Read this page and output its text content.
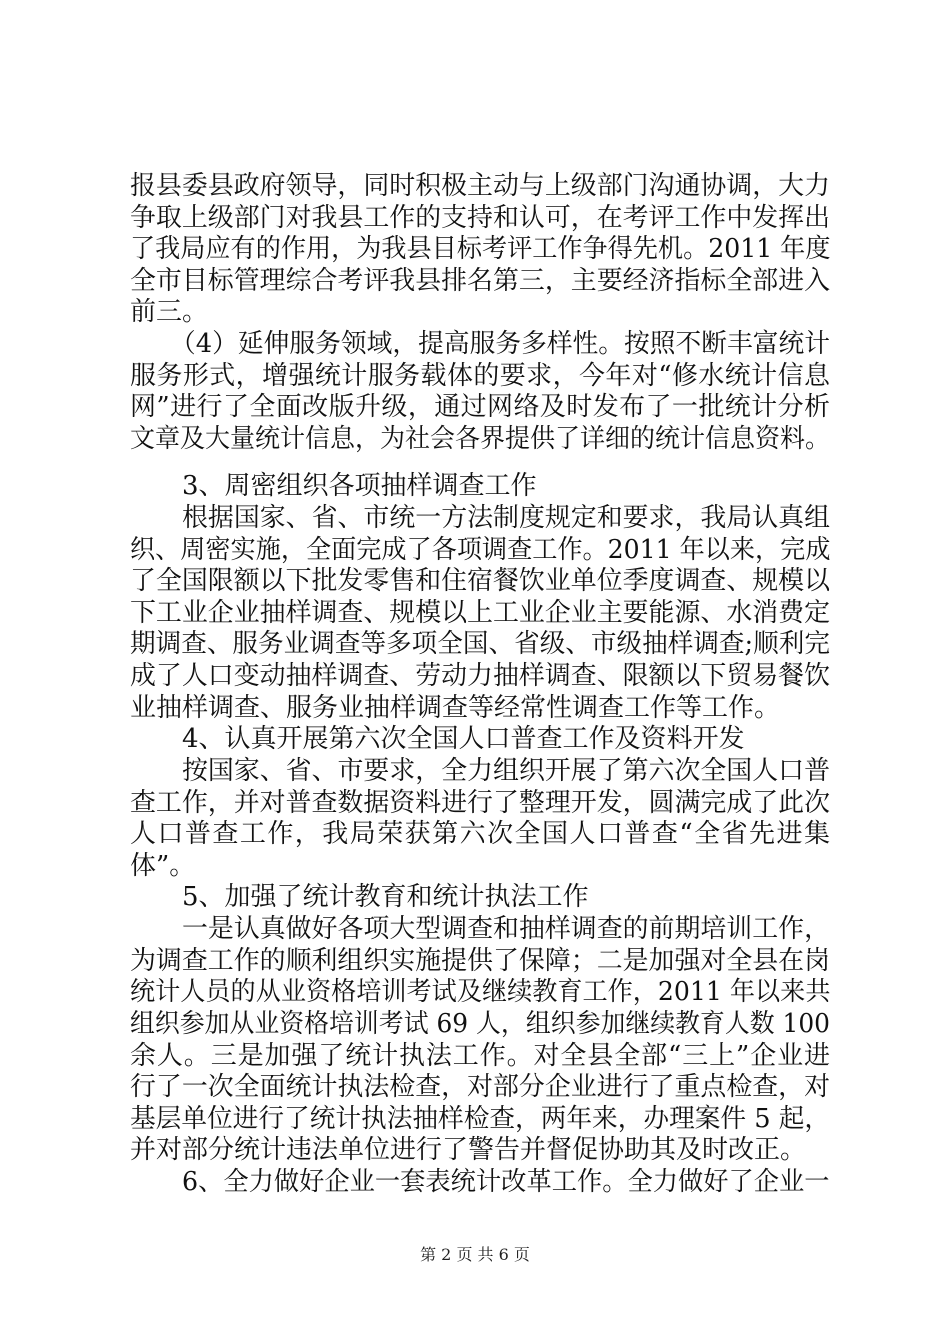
报县委县政府领导，同时积极主动与上级部门沟通协调，大力
争取上级部门对我县工作的支持和认可，在考评工作中发挥出
了我局应有的作用，为我县目标考评工作争得先机。2011 年度
全市目标管理综合考评我县排名第三，主要经济指标全部进入
前三。
（4）延伸服务领域，提高服务多样性。按照不断丰富统计
服务形式，增强统计服务载体的要求，今年对“修水统计信息
网”进行了全面改版升级，通过网络及时发布了一批统计分析
文章及大量统计信息，为社会各界提供了详细的统计信息资料。
3、周密组织各项抽样调查工作
根据国家、省、市统一方法制度规定和要求，我局认真组
织、周密实施，全面完成了各项调查工作。2011 年以来，完成
了全国限额以下批发零售和住宿餐饮业单位季度调查、规模以
下工业企业抽样调查、规模以上工业企业主要能源、水消费定
期调查、服务业调查等多项全国、省级、市级抽样调查;顺利完
成了人口变动抽样调查、劳动力抽样调查、限额以下贸易餐饮
业抽样调查、服务业抽样调查等经常性调查工作等工作。
4、认真开展第六次全国人口普查工作及资料开发
按国家、省、市要求，全力组织开展了第六次全国人口普
查工作，并对普查数据资料进行了整理开发，圆满完成了此次
人口普查工作，我局荣获第六次全国人口普查“全省先进集
体”。
5、加强了统计教育和统计执法工作
一是认真做好各项大型调查和抽样调查的前期培训工作，
为调查工作的顺利组织实施提供了保障；二是加强对全县在岗
统计人员的从业资格培训考试及继续教育工作，2011 年以来共
组织参加从业资格培训考试 69 人，组织参加继续教育人数 100
余人。三是加强了统计执法工作。对全县全部“三上”企业进
行了一次全面统计执法检查，对部分企业进行了重点检查，对
基层单位进行了统计执法抽样检查，两年来，办理案件 5 起，
并对部分统计违法单位进行了警告并督促协助其及时改正。
6、全力做好企业一套表统计改革工作。全力做好了企业一
第 2 页 共 6 页
